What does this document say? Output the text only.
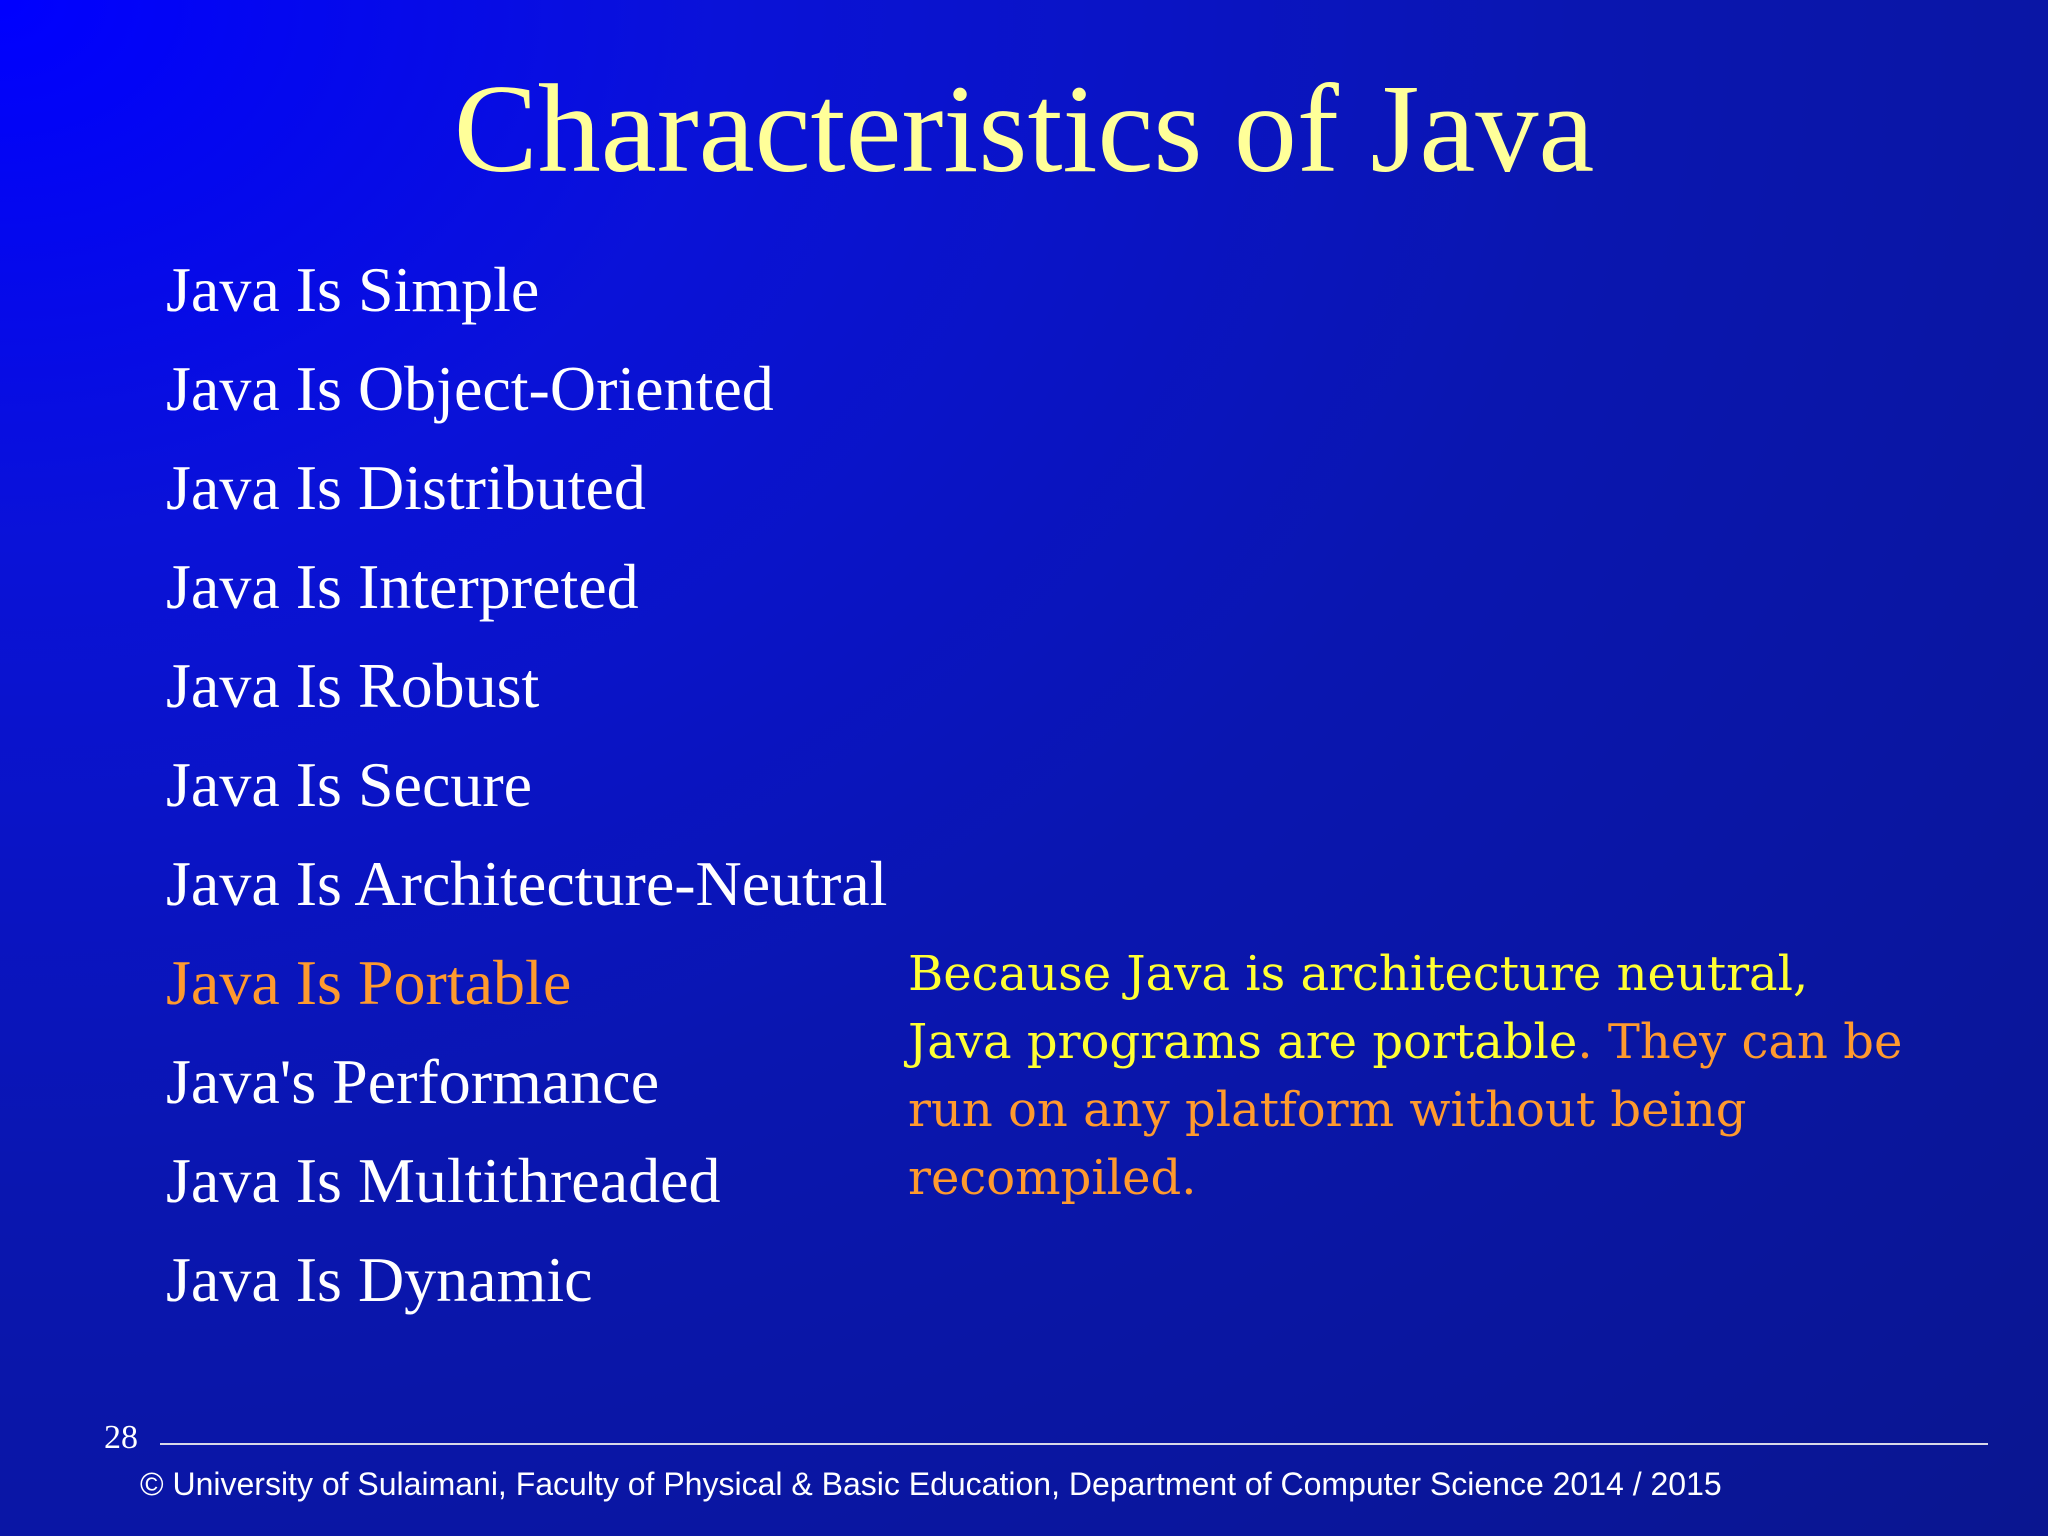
Characteristics of Java
Java Is Simple
Java Is Object-Oriented
Java Is Distributed
Java Is Interpreted
Java Is Robust
Java Is Secure
Java Is Architecture-Neutral
Java Is Portable
Java's Performance
Java Is Multithreaded
Java Is Dynamic

Because Java is architecture neutral, Java programs are portable. They can be run on any platform without being recompiled.

28
© University of Sulaimani, Faculty of Physical & Basic Education, Department of Computer Science 2014 / 2015
